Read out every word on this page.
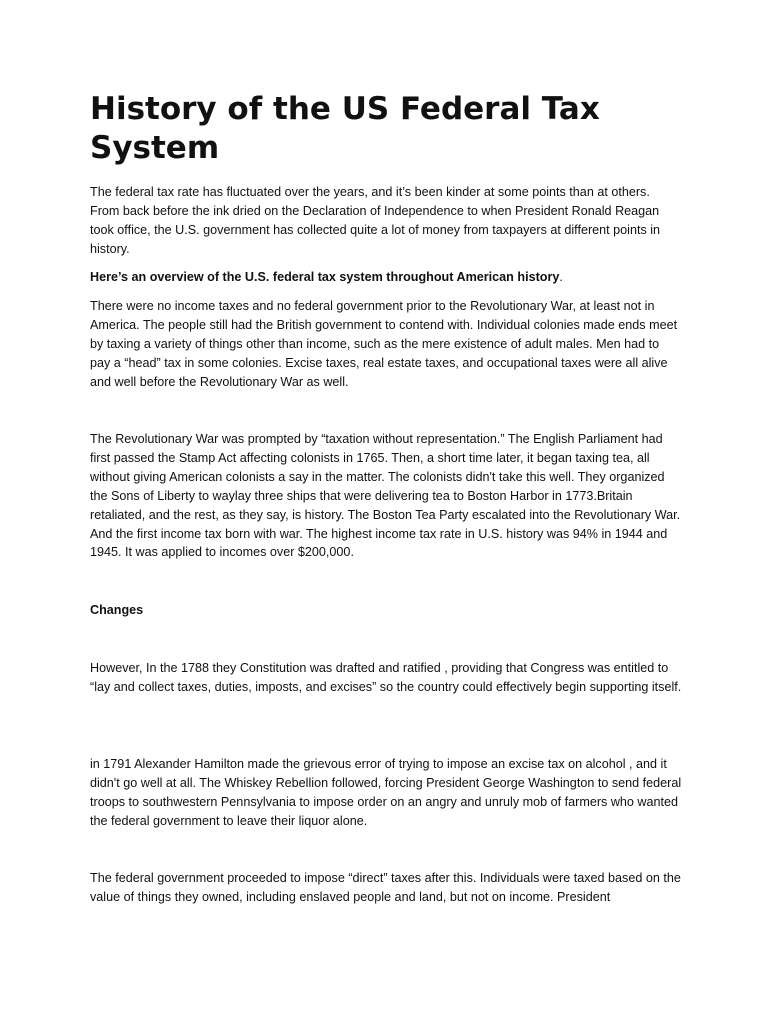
History of the US Federal Tax System

The federal tax rate has fluctuated over the years, and it’s been kinder at some points than at others. From back before the ink dried on the Declaration of Independence to when President Ronald Reagan took office, the U.S. government has collected quite a lot of money from taxpayers at different points in history.

Here’s an overview of the U.S. federal tax system throughout American history.

There were no income taxes and no federal government prior to the Revolutionary War, at least not in America. The people still had the British government to contend with. Individual colonies made ends meet by taxing a variety of things other than income, such as the mere existence of adult males. Men had to pay a “head” tax in some colonies. Excise taxes, real estate taxes, and occupational taxes were all alive and well before the Revolutionary War as well.

The Revolutionary War was prompted by “taxation without representation.” The English Parliament had first passed the Stamp Act affecting colonists in 1765. Then, a short time later, it began taxing tea, all without giving American colonists a say in the matter. The colonists didn't take this well. They organized the Sons of Liberty to waylay three ships that were delivering tea to Boston Harbor in 1773.Britain retaliated, and the rest, as they say, is history. The Boston Tea Party escalated into the Revolutionary War. And the first income tax born with war. The highest income tax rate in U.S. history was 94% in 1944 and 1945. It was applied to incomes over $200,000.

Changes

However, In the 1788 they Constitution was drafted and ratified , providing that Congress was entitled to “lay and collect taxes, duties, imposts, and excises” so the country could effectively begin supporting itself.

in 1791 Alexander Hamilton made the grievous error of trying to impose an excise tax on alcohol , and it didn't go well at all. The Whiskey Rebellion followed, forcing President George Washington to send federal troops to southwestern Pennsylvania to impose order on an angry and unruly mob of farmers who wanted the federal government to leave their liquor alone.

The federal government proceeded to impose “direct” taxes after this. Individuals were taxed based on the value of things they owned, including enslaved people and land, but not on income. President
